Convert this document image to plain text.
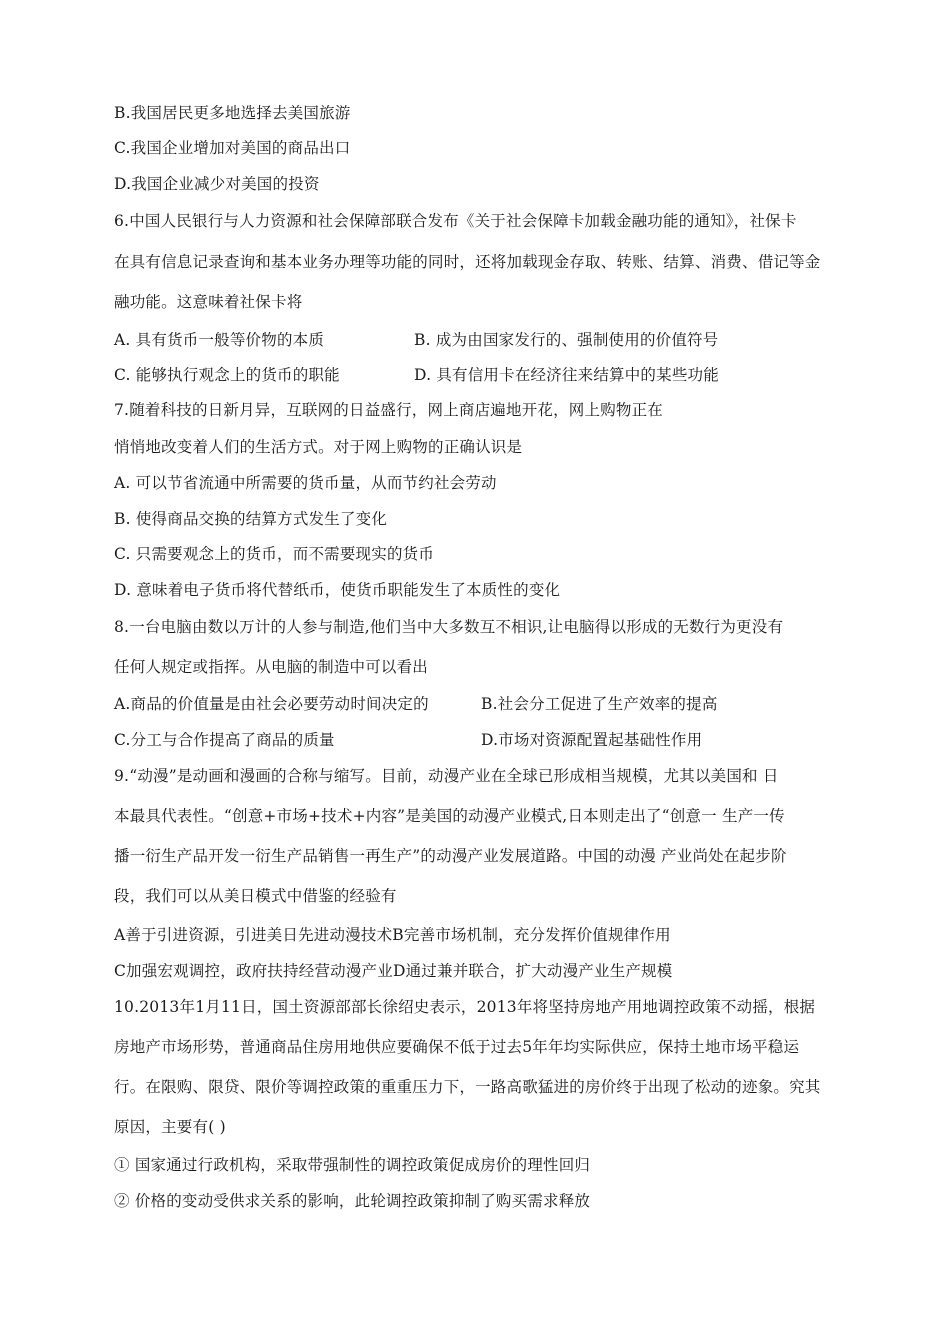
B.我国居民更多地选择去美国旅游
C.我国企业增加对美国的商品出口
D.我国企业减少对美国的投资
6.中国人民银行与人力资源和社会保障部联合发布《关于社会保障卡加载金融功能的通知》，社保卡
在具有信息记录查询和基本业务办理等功能的同时，还将加载现金存取、转账、结算、消费、借记等金
融功能。这意味着社保卡将
A. 具有货币一般等价物的本质	B. 成为由国家发行的、强制使用的价值符号
C. 能够执行观念上的货币的职能	D. 具有信用卡在经济往来结算中的某些功能
7.随着科技的日新月异，互联网的日益盛行，网上商店遍地开花，网上购物正在
悄悄地改变着人们的生活方式。对于网上购物的正确认识是
A. 可以节省流通中所需要的货币量，从而节约社会劳动
B. 使得商品交换的结算方式发生了变化
C. 只需要观念上的货币，而不需要现实的货币
D. 意味着电子货币将代替纸币，使货币职能发生了本质性的变化
8.一台电脑由数以万计的人参与制造,他们当中大多数互不相识,让电脑得以形成的无数行为更没有
任何人规定或指挥。从电脑的制造中可以看出
A.商品的价值量是由社会必要劳动时间决定的	B.社会分工促进了生产效率的提高
C.分工与合作提高了商品的质量	D.市场对资源配置起基础性作用
9.“动漫”是动画和漫画的合称与缩写。目前，动漫产业在全球已形成相当规模，尤其以美国和 日
本最具代表性。“创意+市场+技术+内容”是美国的动漫产业模式,日本则走出了“创意一 生产一传
播一衍生产品开发一衍生产品销售一再生产”的动漫产业发展道路。中国的动漫 产业尚处在起步阶
段，我们可以从美日模式中借鉴的经验有
A善于引进资源，引进美日先进动漫技术B完善市场机制，充分发挥价值规律作用
C加强宏观调控，政府扶持经营动漫产业D通过兼并联合，扩大动漫产业生产规模
10.2013年1月11日，国土资源部部长徐绍史表示，2013年将坚持房地产用地调控政策不动摇，根据
房地产市场形势，普通商品住房用地供应要确保不低于过去5年年均实际供应，保持土地市场平稳运
行。在限购、限贷、限价等调控政策的重重压力下，一路高歌猛进的房价终于出现了松动的迹象。究其
原因，主要有( )
① 国家通过行政机构，采取带强制性的调控政策促成房价的理性回归
② 价格的变动受供求关系的影响，此轮调控政策抑制了购买需求释放
